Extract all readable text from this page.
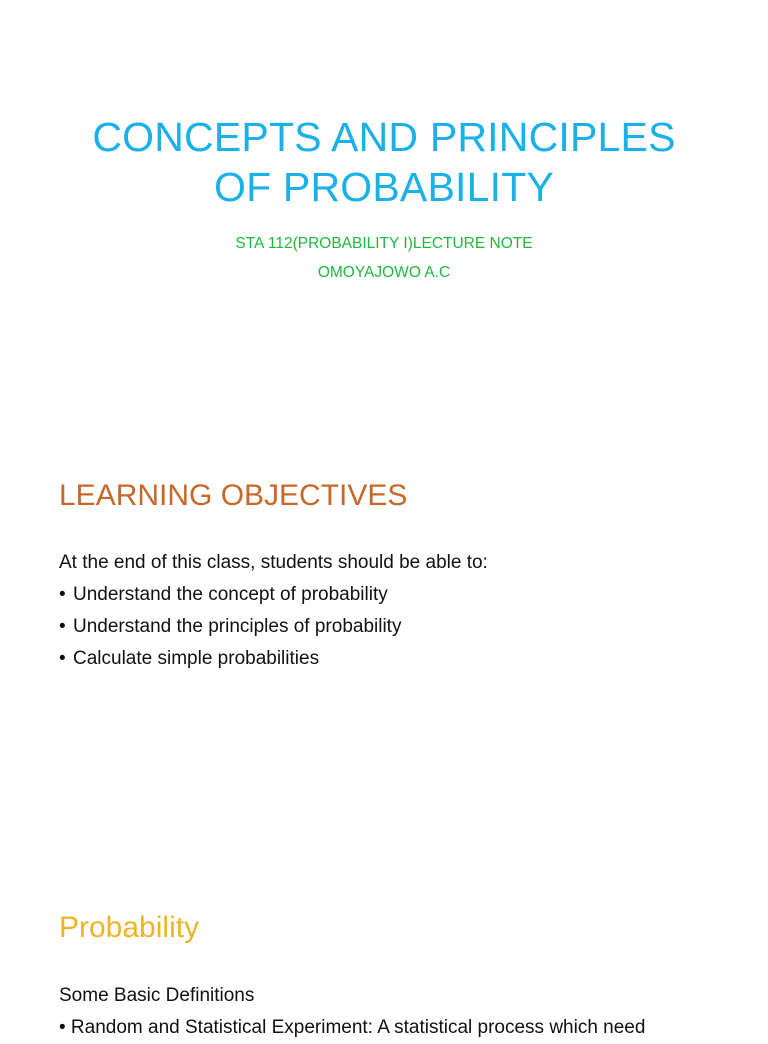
CONCEPTS AND PRINCIPLES
OF PROBABILITY
STA 112(PROBABILITY I)LECTURE NOTE
OMOYAJOWO A.C
LEARNING OBJECTIVES
At the end of this class, students should be able to:
• Understand the concept of probability
• Understand the principles of probability
• Calculate simple probabilities
Probability
Some Basic Definitions
• Random and Statistical Experiment: A statistical process which need
